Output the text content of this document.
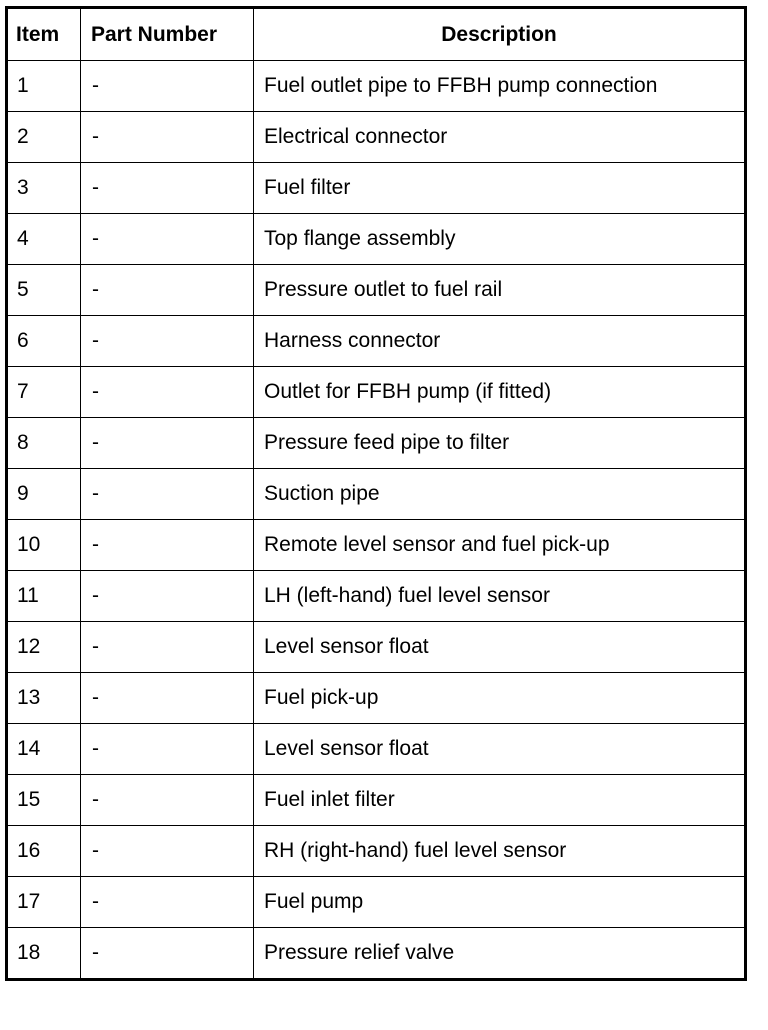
Item	Part Number	Description
1	-	Fuel outlet pipe to FFBH pump connection
2	-	Electrical connector
3	-	Fuel filter
4	-	Top flange assembly
5	-	Pressure outlet to fuel rail
6	-	Harness connector
7	-	Outlet for FFBH pump (if fitted)
8	-	Pressure feed pipe to filter
9	-	Suction pipe
10	-	Remote level sensor and fuel pick-up
11	-	LH (left-hand) fuel level sensor
12	-	Level sensor float
13	-	Fuel pick-up
14	-	Level sensor float
15	-	Fuel inlet filter
16	-	RH (right-hand) fuel level sensor
17	-	Fuel pump
18	-	Pressure relief valve
